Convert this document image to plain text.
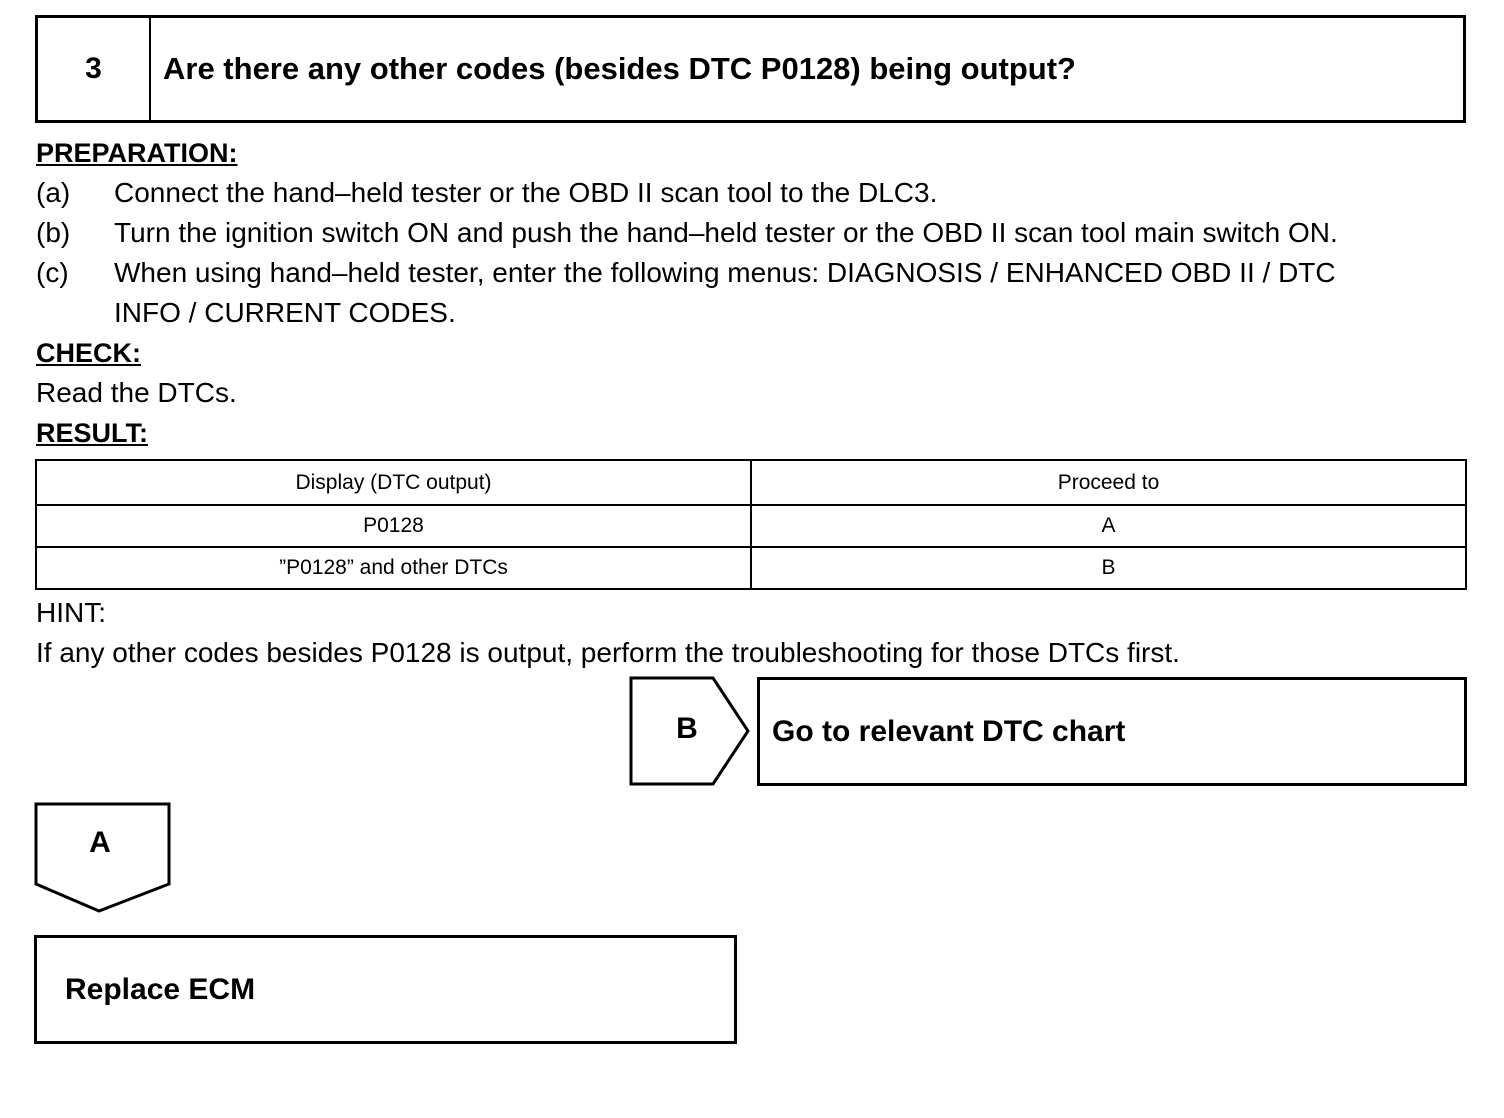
3	Are there any other codes (besides DTC P0128) being output?
PREPARATION:
(a) Connect the hand–held tester or the OBD II scan tool to the DLC3.
(b) Turn the ignition switch ON and push the hand–held tester or the OBD II scan tool main switch ON.
(c) When using hand–held tester, enter the following menus: DIAGNOSIS / ENHANCED OBD II / DTC
INFO / CURRENT CODES.
CHECK:
Read the DTCs.
RESULT:
Display (DTC output)	Proceed to
P0128	A
”P0128” and other DTCs	B
HINT:
If any other codes besides P0128 is output, perform the troubleshooting for those DTCs first.
B	Go to relevant DTC chart
A
Replace ECM
